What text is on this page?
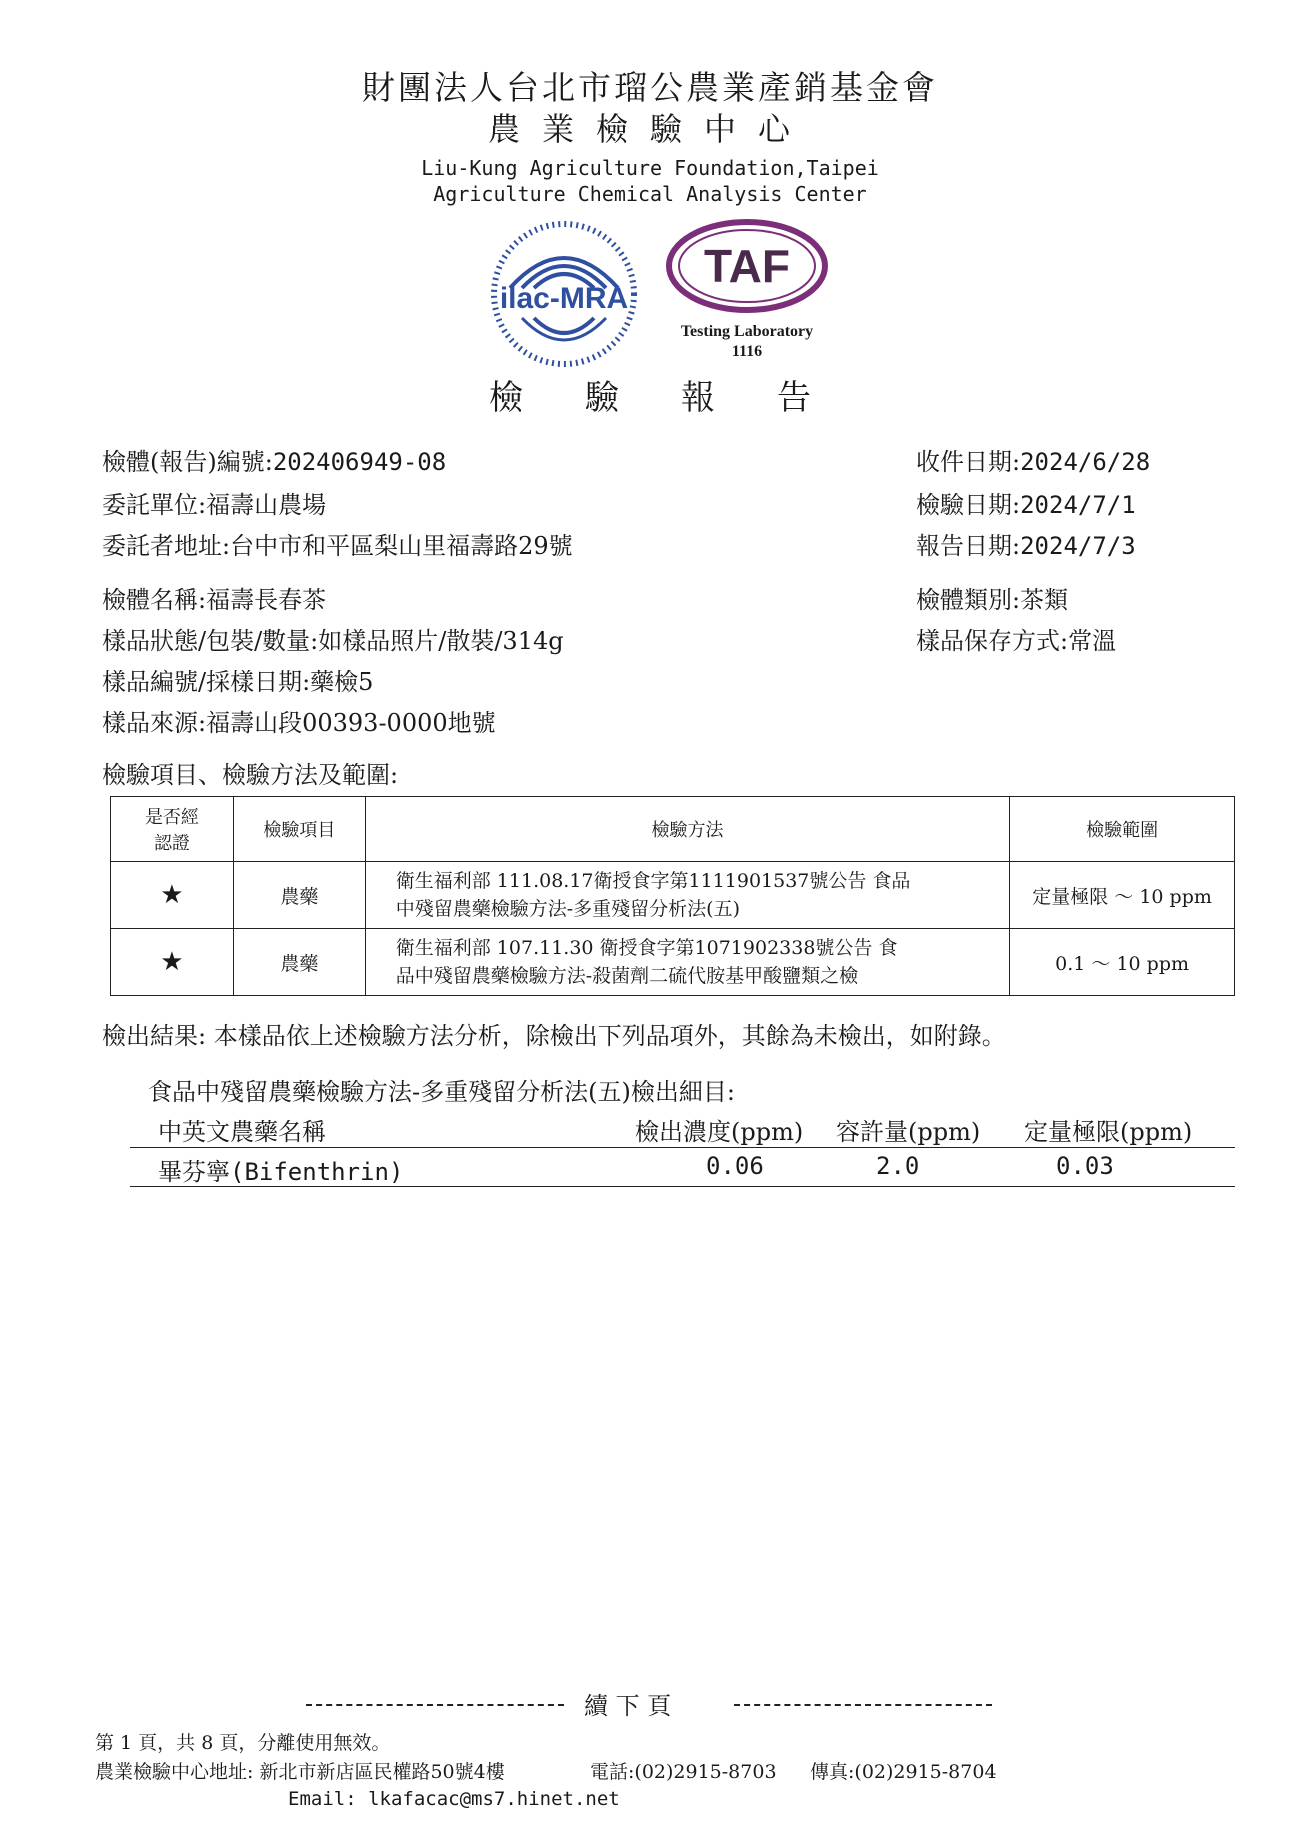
財團法人台北市瑠公農業產銷基金會
農業檢驗中心
Liu-Kung Agriculture Foundation,Taipei
Agriculture Chemical Analysis Center
ilac-MRA
TAF
Testing Laboratory
1116
檢驗報告
檢體(報告)編號:202406949-08
委託單位:福壽山農場
委託者地址:台中市和平區梨山里福壽路29號
檢體名稱:福壽長春茶
樣品狀態/包裝/數量:如樣品照片/散裝/314g
樣品編號/採樣日期:藥檢5
樣品來源:福壽山段00393-0000地號
收件日期:2024/6/28
檢驗日期:2024/7/1
報告日期:2024/7/3
檢體類別:茶類
樣品保存方式:常溫
檢驗項目、檢驗方法及範圍:
是否經
認證	檢驗項目	檢驗方法	檢驗範圍
★	農藥	衛生福利部 111.08.17衛授食字第1111901537號公告 食品
中殘留農藥檢驗方法-多重殘留分析法(五)	定量極限 ～ 10 ppm
★	農藥	衛生福利部 107.11.30 衛授食字第1071902338號公告 食
品中殘留農藥檢驗方法-殺菌劑二硫代胺基甲酸鹽類之檢	0.1 ～ 10 ppm
檢出結果: 本樣品依上述檢驗方法分析，除檢出下列品項外，其餘為未檢出，如附錄。
食品中殘留農藥檢驗方法-多重殘留分析法(五)檢出細目:
中英文農藥名稱	檢出濃度(ppm) 容許量(ppm) 定量極限(ppm)
畢芬寧(Bifenthrin)	0.06	2.0	0.03
續 下 頁
第 1 頁，共 8 頁，分離使用無效。
農業檢驗中心地址: 新北市新店區民權路50號4樓	電話:(02)2915-8703 傳真:(02)2915-8704
Email: lkafacac@ms7.hinet.net
